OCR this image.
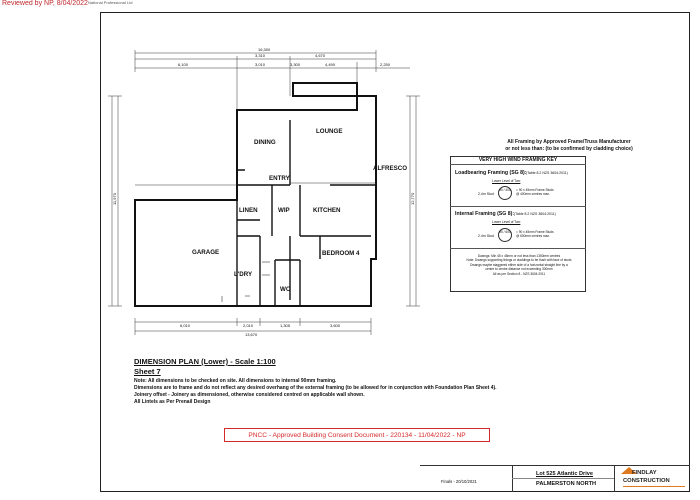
Reviewed by NP, 8/04/2022 National Professional Ltd
16,300
3,310	4,670
6,100	3,010	3,300	4,490	2,250
6,010	2,010	1,305	3,600
13,670
11,970	12,770
LOUNGE
DINING
ENTRY
ALFRESCO
LINEN	WIP	KITCHEN
GARAGE
L'DRY
BEDROOM 4
WC
DIMENSION PLAN (Lower) - Scale 1:100
Sheet 7
Note: All dimensions to be checked on site. All dimensions to internal 90mm framing.
Dimensions are to frame and do not reflect any desired overhang of the external framing (to be allowed for in conjunction with Foundation Plan Sheet 4).
Joinery offset - Joinery as dimensioned, otherwise considered centred on applicable wall shown.
All Lintels as Per Prenail Design
PNCC - Approved Building Consent Document - 220134 - 11/04/2022 - NP
All Framing by Approved Frame/Truss Manufacturer
or not less than: (to be confirmed by cladding choice)
VERY HIGH WIND FRAMING KEY
Loadbearing Framing (SG 8): (Table 8.2 NZS 3604:2011)
Lower Level of Two
2.4m Stud
90 / 400	= 90 x 45mm Frame Studs
@ 400mm centres max.
Internal Framing (SG 8): (Table 8.2 NZS 3604:2011)
Lower Level of Two
2.4m Stud
90 / 600	= 90 x 45mm Frame Studs
@ 600mm centres max.
Dwangs: Min 45 x 45mm or not less than 1350mm centres
Note: Dwangs supporting linings or claddings to be flush with face of studs
Dwangs maybe staggered either side of a horizontal straight line by a
centre to centre distance not exceeding 300mm
All as per Section 8 - NZS 3604:2011
Finals - 20/10/2021
Lot 525 Atlantic Drive
PALMERSTON NORTH
FINDLAY
CONSTRUCTION
